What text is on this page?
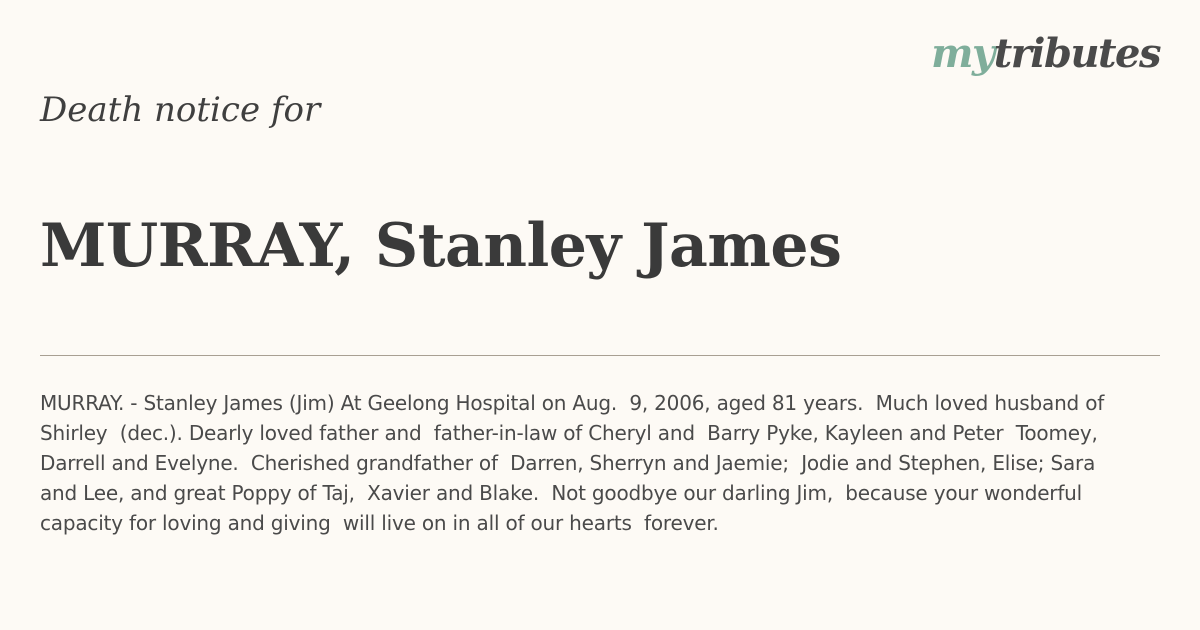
mytributes
Death notice for
MURRAY, Stanley James

MURRAY. - Stanley James (Jim) At Geelong Hospital on Aug.  9, 2006, aged 81 years.  Much loved husband of Shirley  (dec.). Dearly loved father and  father-in-law of Cheryl and  Barry Pyke, Kayleen and Peter  Toomey, Darrell and Evelyne.  Cherished grandfather of  Darren, Sherryn and Jaemie;  Jodie and Stephen, Elise; Sara and Lee, and great Poppy of Taj,  Xavier and Blake.  Not goodbye our darling Jim,  because your wonderful capacity for loving and giving  will live on in all of our hearts  forever.
